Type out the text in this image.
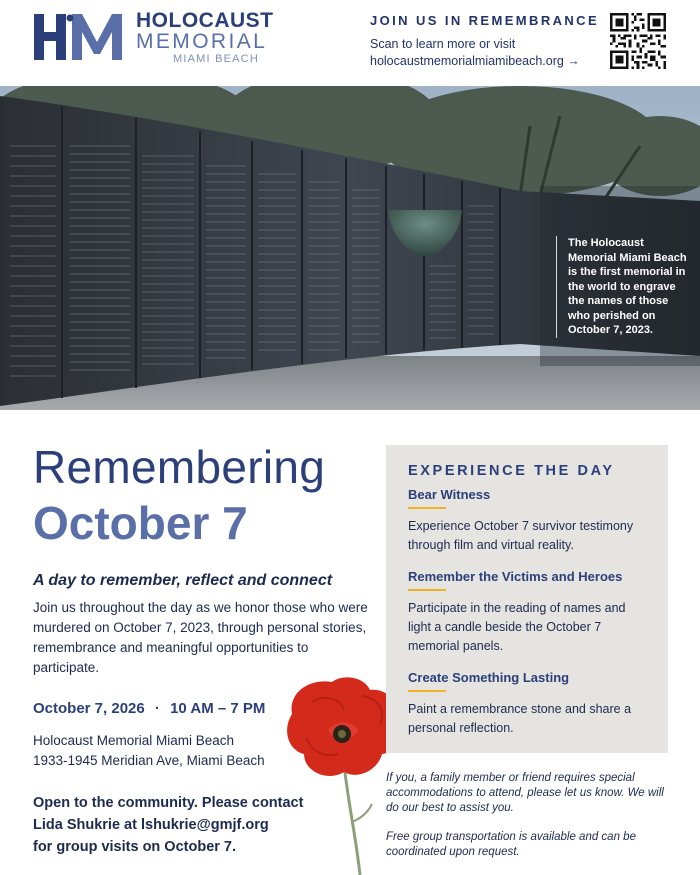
HOLOCAUST
MEMORIAL
MIAMI BEACH
JOIN US IN REMEMBRANCE
Scan to learn more or visit
holocaustmemorialmiamibeach.org →
The Holocaust Memorial Miami Beach is the first memorial in the world to engrave the names of those who perished on October 7, 2023.
Remembering
October 7
A day to remember, reflect and connect
Join us throughout the day as we honor those who were murdered on October 7, 2023, through personal stories, remembrance and meaningful opportunities to participate.
October 7, 2026 · 10 AM – 7 PM
Holocaust Memorial Miami Beach
1933-1945 Meridian Ave, Miami Beach
Open to the community. Please contact
Lida Shukrie at lshukrie@gmjf.org
for group visits on October 7.
EXPERIENCE THE DAY
Bear Witness
Experience October 7 survivor testimony through film and virtual reality.
Remember the Victims and Heroes
Participate in the reading of names and light a candle beside the October 7 memorial panels.
Create Something Lasting
Paint a remembrance stone and share a personal reflection.
If you, a family member or friend requires special accommodations to attend, please let us know. We will do our best to assist you.
Free group transportation is available and can be coordinated upon request.
